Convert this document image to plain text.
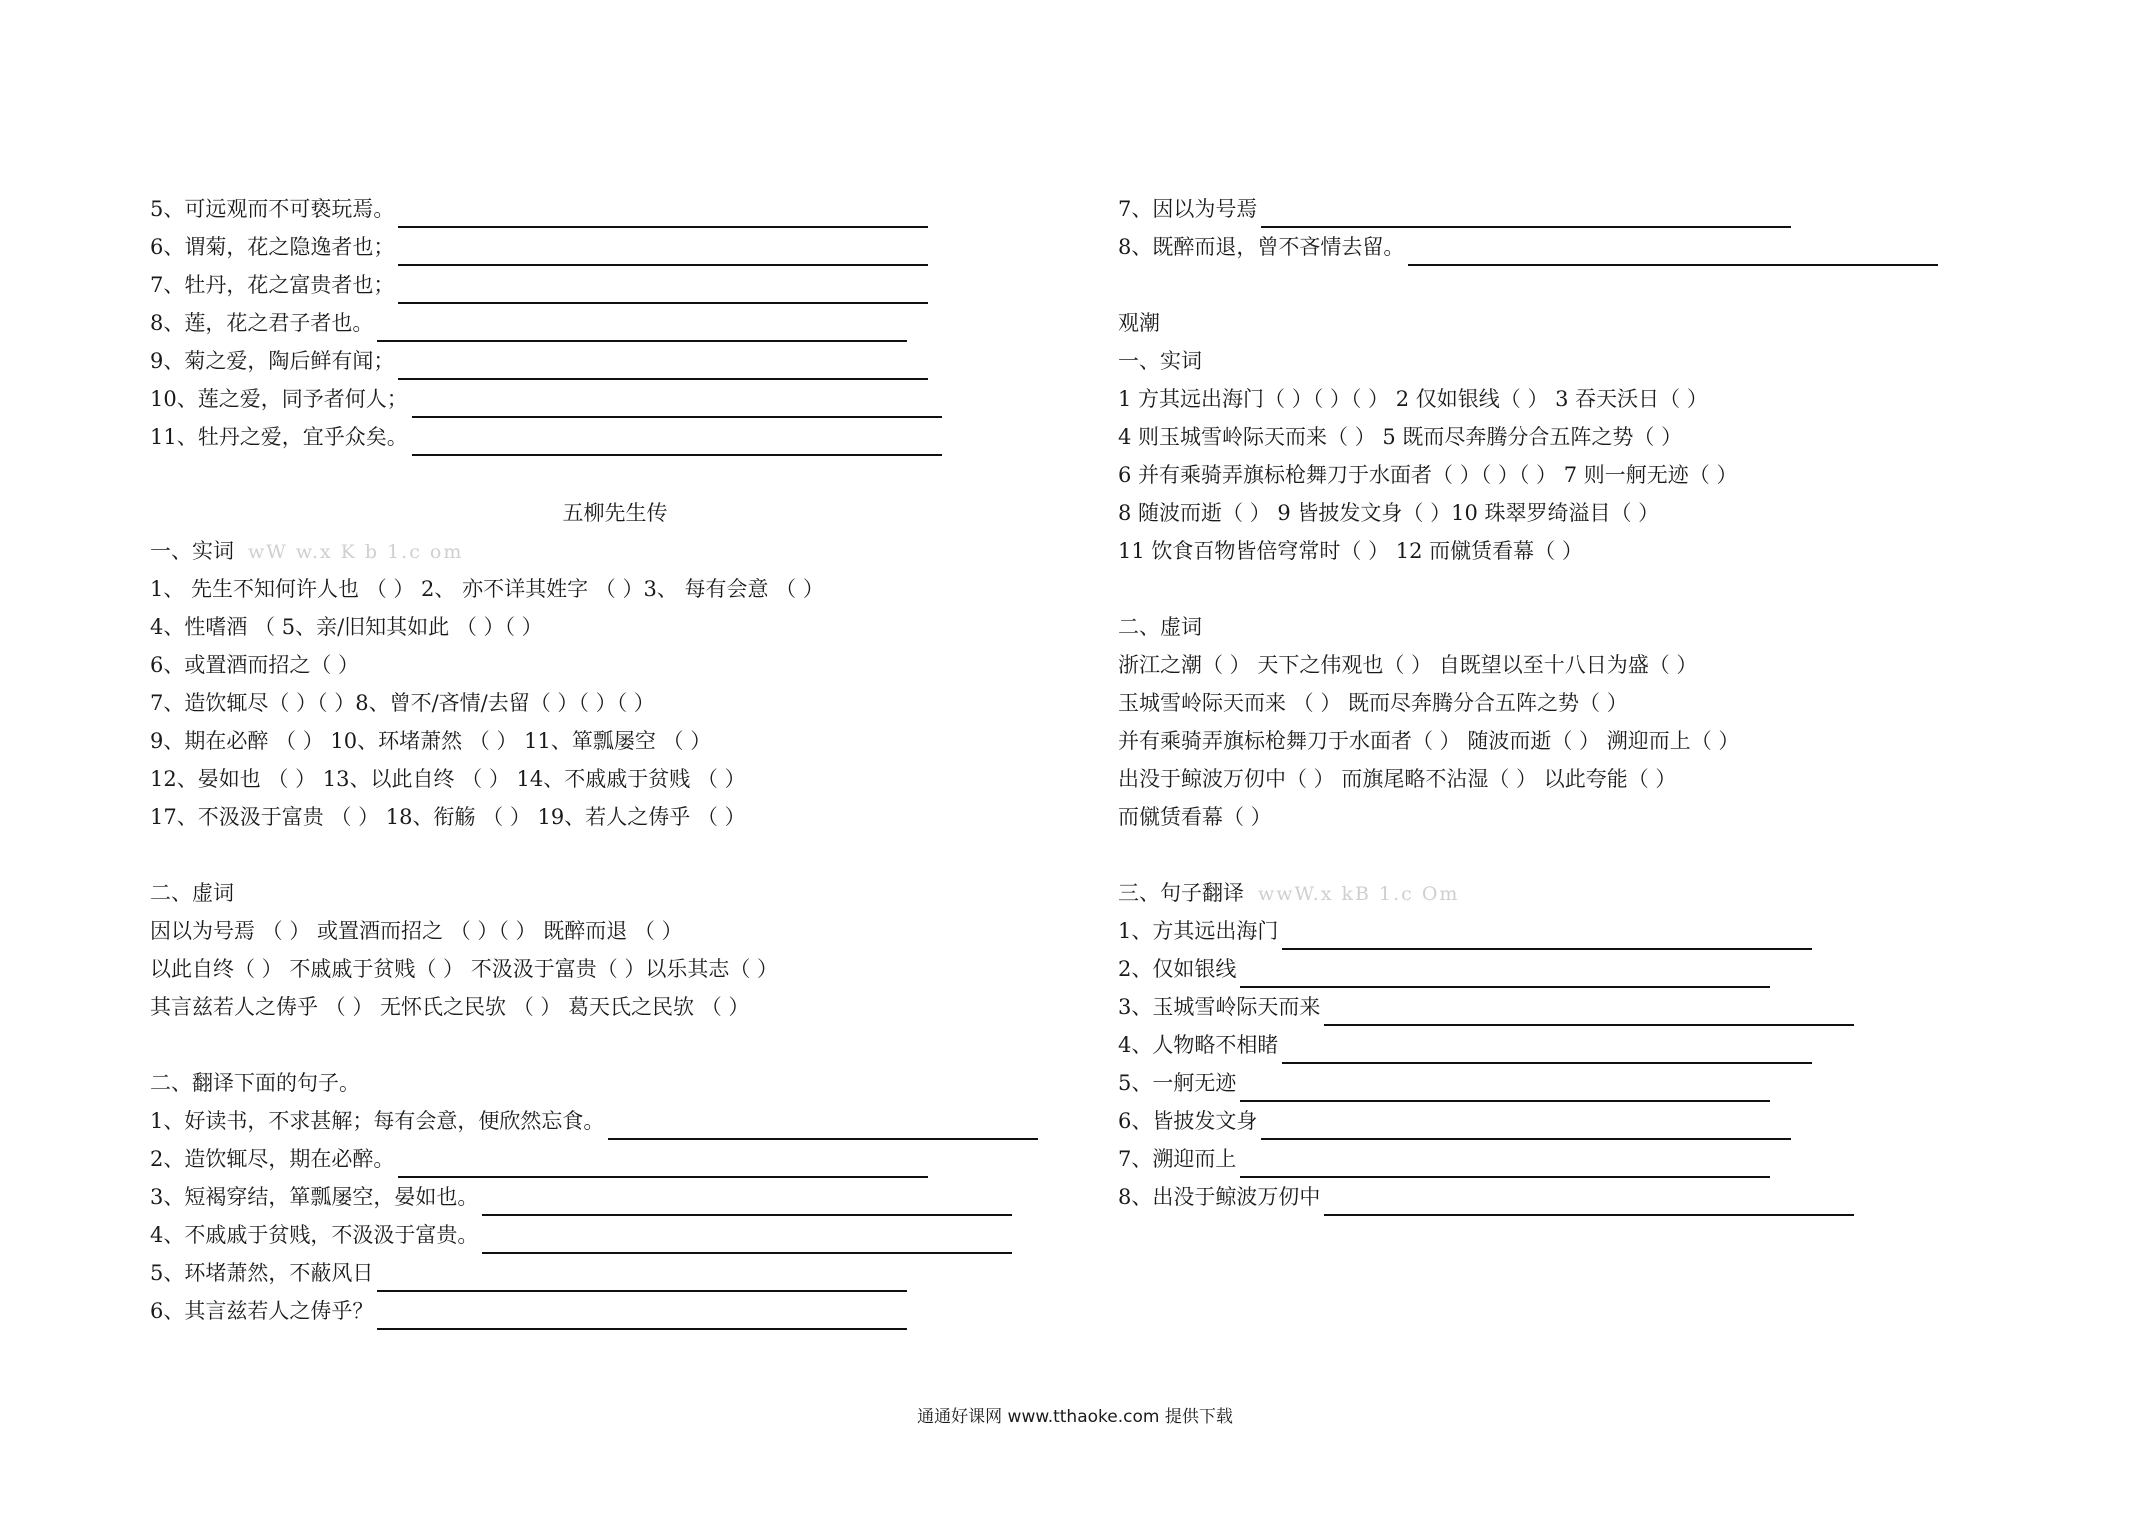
5、可远观而不可亵玩焉。
6、谓菊，花之隐逸者也；
7、牡丹，花之富贵者也；
8、莲，花之君子者也。
9、菊之爱，陶后鲜有闻；
10、莲之爱，同予者何人；
11、牡丹之爱，宜乎众矣。
五柳先生传
一、实词 wW w.x K b 1.c om
1、 先生不知何许人也 （ ） 2、 亦不详其姓字 （ ）3、 每有会意 （ ）
4、性嗜酒 （ 5、亲/旧知其如此 （ ）（ ）
6、或置酒而招之（ ）
7、造饮辄尽（ ）（ ）8、曾不/吝情/去留（ ）（ ）（ ）
9、期在必醉 （ ） 10、环堵萧然 （ ） 11、箪瓢屡空 （ ）
12、晏如也 （ ） 13、以此自终 （ ） 14、不戚戚于贫贱 （ ）
17、不汲汲于富贵 （ ） 18、衔觞 （ ） 19、若人之俦乎 （ ）
二、虚词
因以为号焉 （ ） 或置酒而招之 （ ）（ ） 既醉而退 （ ）
以此自终（ ） 不戚戚于贫贱（ ） 不汲汲于富贵（ ）以乐其志（ ）
其言兹若人之俦乎 （ ） 无怀氏之民欤 （ ） 葛天氏之民欤 （ ）
二、翻译下面的句子。
1、好读书，不求甚解；每有会意，便欣然忘食。
2、造饮辄尽，期在必醉。
3、短褐穿结，箪瓢屡空，晏如也。
4、不戚戚于贫贱，不汲汲于富贵。
5、环堵萧然，不蔽风日
6、其言兹若人之俦乎？
7、因以为号焉
8、既醉而退，曾不吝情去留。
观潮
一、实词
1 方其远出海门（ ）（ ）（ ） 2 仅如银线（ ） 3 吞天沃日（ ）
4 则玉城雪岭际天而来（ ） 5 既而尽奔腾分合五阵之势（ ）
6 并有乘骑弄旗标枪舞刀于水面者（ ）（ ）（ ） 7 则一舸无迹（ ）
8 随波而逝（ ） 9 皆披发文身（ ）10 珠翠罗绮溢目（ ）
11 饮食百物皆倍穹常时（ ） 12 而僦赁看幕（ ）
二、虚词
浙江之潮（ ） 天下之伟观也（ ） 自既望以至十八日为盛（ ）
玉城雪岭际天而来 （ ） 既而尽奔腾分合五阵之势（ ）
并有乘骑弄旗标枪舞刀于水面者（ ） 随波而逝（ ） 溯迎而上（ ）
出没于鲸波万仞中（ ） 而旗尾略不沾湿（ ） 以此夸能（ ）
而僦赁看幕（ ）
三、句子翻译 wwW.x kB 1.c Om
1、方其远出海门
2、仅如银线
3、玉城雪岭际天而来
4、人物略不相睹
5、一舸无迹
6、皆披发文身
7、溯迎而上
8、出没于鲸波万仞中
通通好课网 www.tthaoke.com 提供下载
